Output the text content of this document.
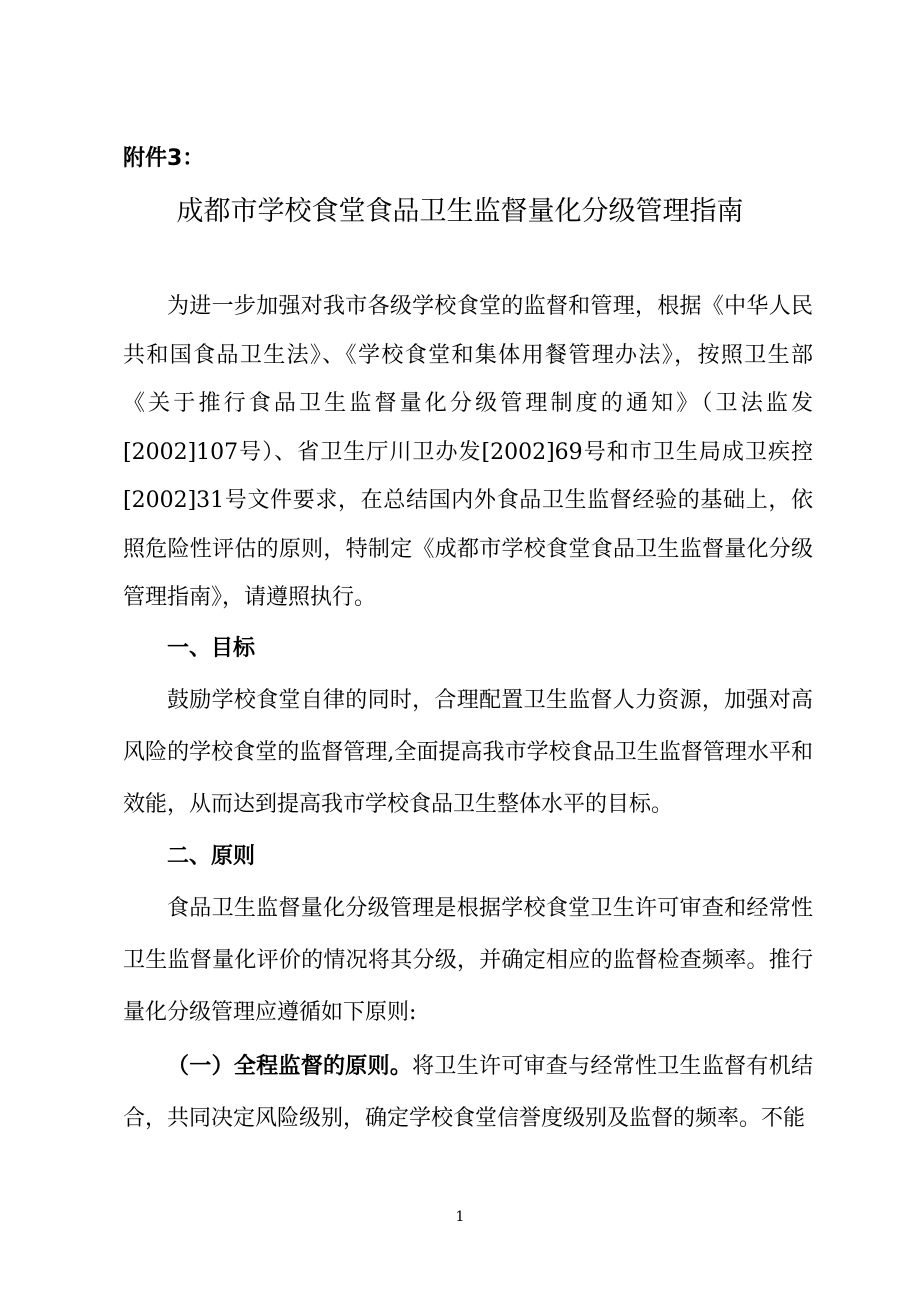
附件3：

成都市学校食堂食品卫生监督量化分级管理指南

为进一步加强对我市各级学校食堂的监督和管理，根据《中华人民共和国食品卫生法》、《学校食堂和集体用餐管理办法》，按照卫生部《关于推行食品卫生监督量化分级管理制度的通知》（卫法监发[2002]107号）、省卫生厅川卫办发[2002]69号和市卫生局成卫疾控[2002]31号文件要求，在总结国内外食品卫生监督经验的基础上，依照危险性评估的原则，特制定《成都市学校食堂食品卫生监督量化分级管理指南》，请遵照执行。

一、目标

鼓励学校食堂自律的同时，合理配置卫生监督人力资源，加强对高风险的学校食堂的监督管理,全面提高我市学校食品卫生监督管理水平和效能，从而达到提高我市学校食品卫生整体水平的目标。

二、原则

食品卫生监督量化分级管理是根据学校食堂卫生许可审查和经常性卫生监督量化评价的情况将其分级，并确定相应的监督检查频率。推行量化分级管理应遵循如下原则:

（一）全程监督的原则。将卫生许可审查与经常性卫生监督有机结合，共同决定风险级别，确定学校食堂信誉度级别及监督的频率。不能

1
